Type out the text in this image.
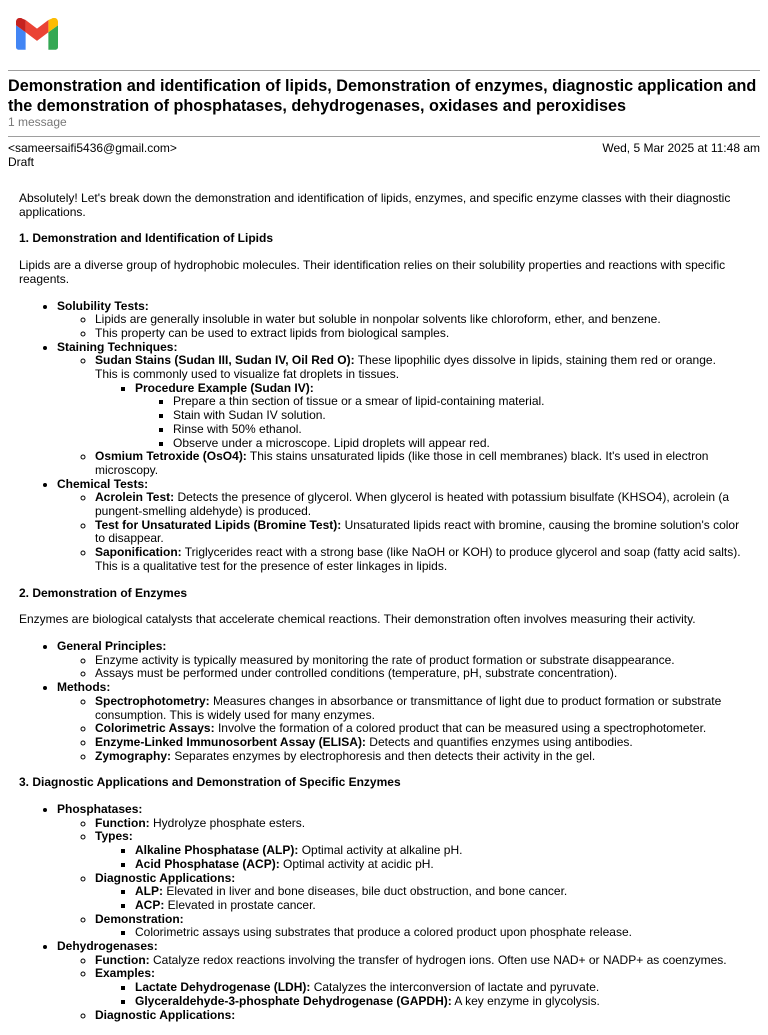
Demonstration and identification of lipids, Demonstration of enzymes, diagnostic application and the demonstration of phosphatases, dehydrogenases, oxidases and peroxidises
1 message
<sameersaifi5436@gmail.com>
Draft
Wed, 5 Mar 2025 at 11:48 am

Absolutely! Let's break down the demonstration and identification of lipids, enzymes, and specific enzyme classes with their diagnostic applications.

1. Demonstration and Identification of Lipids

Lipids are a diverse group of hydrophobic molecules. Their identification relies on their solubility properties and reactions with specific reagents.

• Solubility Tests:
◦ Lipids are generally insoluble in water but soluble in nonpolar solvents like chloroform, ether, and benzene.
◦ This property can be used to extract lipids from biological samples.
• Staining Techniques:
◦ Sudan Stains (Sudan III, Sudan IV, Oil Red O): These lipophilic dyes dissolve in lipids, staining them red or orange. This is commonly used to visualize fat droplets in tissues.
▪ Procedure Example (Sudan IV):
▪ Prepare a thin section of tissue or a smear of lipid-containing material.
▪ Stain with Sudan IV solution.
▪ Rinse with 50% ethanol.
▪ Observe under a microscope. Lipid droplets will appear red.
◦ Osmium Tetroxide (OsO4): This stains unsaturated lipids (like those in cell membranes) black. It's used in electron microscopy.
• Chemical Tests:
◦ Acrolein Test: Detects the presence of glycerol. When glycerol is heated with potassium bisulfate (KHSO4), acrolein (a pungent-smelling aldehyde) is produced.
◦ Test for Unsaturated Lipids (Bromine Test): Unsaturated lipids react with bromine, causing the bromine solution's color to disappear.
◦ Saponification: Triglycerides react with a strong base (like NaOH or KOH) to produce glycerol and soap (fatty acid salts). This is a qualitative test for the presence of ester linkages in lipids.
2. Demonstration of Enzymes

Enzymes are biological catalysts that accelerate chemical reactions. Their demonstration often involves measuring their activity.

• General Principles:
◦ Enzyme activity is typically measured by monitoring the rate of product formation or substrate disappearance.
◦ Assays must be performed under controlled conditions (temperature, pH, substrate concentration).
• Methods:
◦ Spectrophotometry: Measures changes in absorbance or transmittance of light due to product formation or substrate consumption. This is widely used for many enzymes.
◦ Colorimetric Assays: Involve the formation of a colored product that can be measured using a spectrophotometer.
◦ Enzyme-Linked Immunosorbent Assay (ELISA): Detects and quantifies enzymes using antibodies.
◦ Zymography: Separates enzymes by electrophoresis and then detects their activity in the gel.
3. Diagnostic Applications and Demonstration of Specific Enzymes
• Phosphatases:
◦ Function: Hydrolyze phosphate esters.
◦ Types:
▪ Alkaline Phosphatase (ALP): Optimal activity at alkaline pH.
▪ Acid Phosphatase (ACP): Optimal activity at acidic pH.
◦ Diagnostic Applications:
▪ ALP: Elevated in liver and bone diseases, bile duct obstruction, and bone cancer.
▪ ACP: Elevated in prostate cancer.
◦ Demonstration:
▪ Colorimetric assays using substrates that produce a colored product upon phosphate release.
• Dehydrogenases:
◦ Function: Catalyze redox reactions involving the transfer of hydrogen ions. Often use NAD+ or NADP+ as coenzymes.
◦ Examples:
▪ Lactate Dehydrogenase (LDH): Catalyzes the interconversion of lactate and pyruvate.
▪ Glyceraldehyde-3-phosphate Dehydrogenase (GAPDH): A key enzyme in glycolysis.
◦ Diagnostic Applications:
